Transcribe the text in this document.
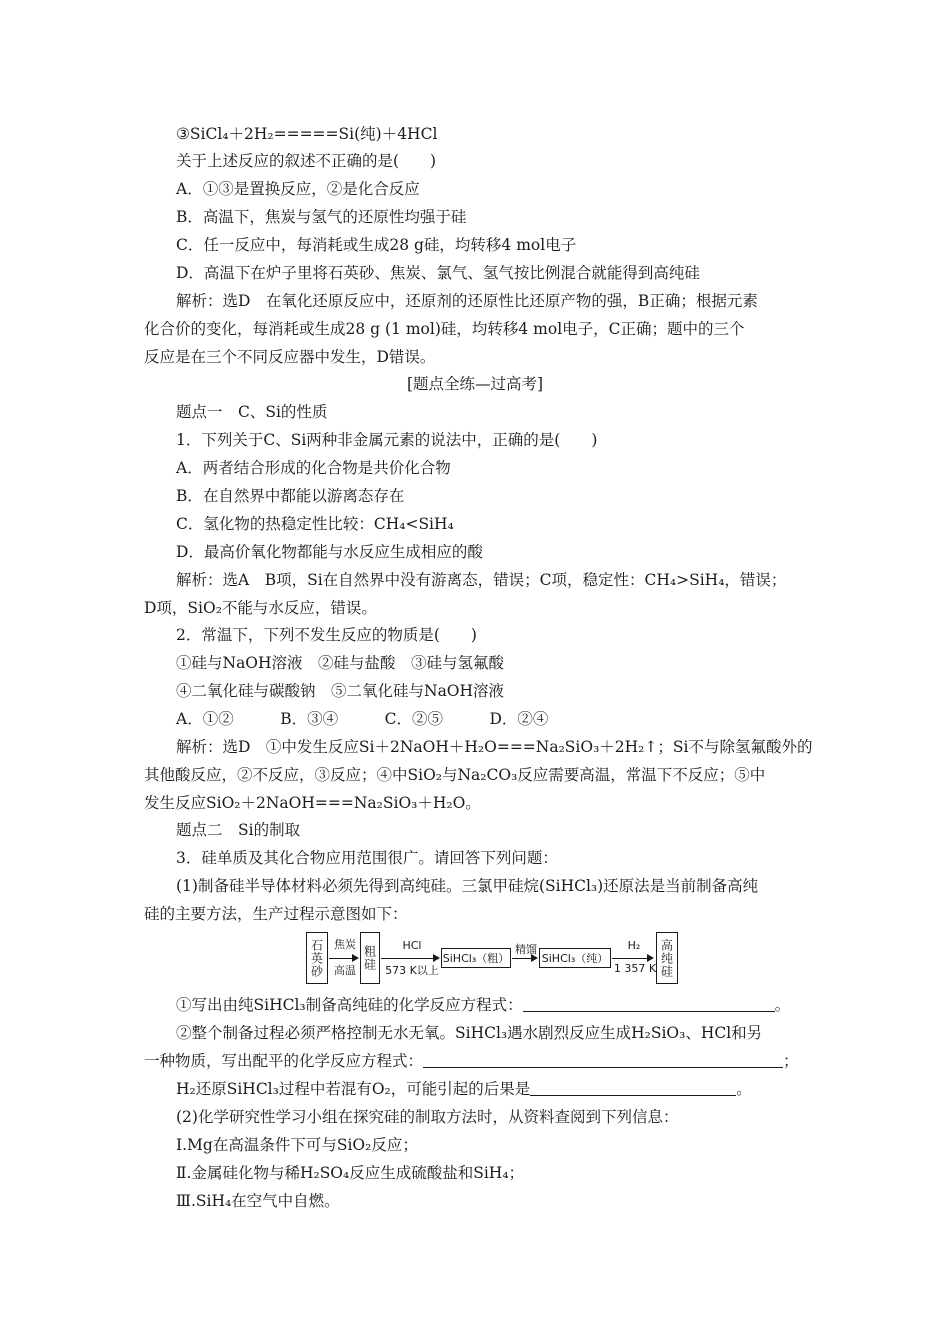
③SiCl₄＋2H₂=====Si(纯)＋4HCl
关于上述反应的叙述不正确的是(　　)
A．①③是置换反应，②是化合反应
B．高温下，焦炭与氢气的还原性均强于硅
C．任一反应中，每消耗或生成28 g硅，均转移4 mol电子
D．高温下在炉子里将石英砂、焦炭、氯气、氢气按比例混合就能得到高纯硅
解析：选D　在氧化还原反应中，还原剂的还原性比还原产物的强，B正确；根据元素
化合价的变化，每消耗或生成28 g (1 mol)硅，均转移4 mol电子，C正确；题中的三个
反应是在三个不同反应器中发生，D错误。
[题点全练—过高考]
题点一　C、Si的性质
1．下列关于C、Si两种非金属元素的说法中，正确的是(　　)
A．两者结合形成的化合物是共价化合物
B．在自然界中都能以游离态存在
C．氢化物的热稳定性比较：CH₄<SiH₄
D．最高价氧化物都能与水反应生成相应的酸
解析：选A　B项，Si在自然界中没有游离态，错误；C项，稳定性：CH₄>SiH₄，错误；
D项，SiO₂不能与水反应，错误。
2．常温下，下列不发生反应的物质是(　　)
①硅与NaOH溶液　②硅与盐酸　③硅与氢氟酸
④二氧化硅与碳酸钠　⑤二氧化硅与NaOH溶液
A．①②　　　B．③④　　　C．②⑤　　　D．②④
解析：选D　①中发生反应Si＋2NaOH＋H₂O===Na₂SiO₃＋2H₂↑；Si不与除氢氟酸外的
其他酸反应，②不反应，③反应；④中SiO₂与Na₂CO₃反应需要高温，常温下不反应；⑤中
发生反应SiO₂＋2NaOH===Na₂SiO₃＋H₂O。
题点二　Si的制取
3．硅单质及其化合物应用范围很广。请回答下列问题：
(1)制备硅半导体材料必须先得到高纯硅。三氯甲硅烷(SiHCl₃)还原法是当前制备高纯
硅的主要方法，生产过程示意图如下：
石英砂 焦炭
高温 粗硅	HCl
573 K以上
SiHCl₃（粗）
精馏
SiHCl₃（纯）
H₂
1 357 K 高纯硅
①写出由纯SiHCl₃制备高纯硅的化学反应方程式：	。
②整个制备过程必须严格控制无水无氧。SiHCl₃遇水剧烈反应生成H₂SiO₃、HCl和另
一种物质，写出配平的化学反应方程式：	；
H₂还原SiHCl₃过程中若混有O₂，可能引起的后果是	。
(2)化学研究性学习小组在探究硅的制取方法时，从资料查阅到下列信息：
Ⅰ.Mg在高温条件下可与SiO₂反应；
Ⅱ.金属硅化物与稀H₂SO₄反应生成硫酸盐和SiH₄；
Ⅲ.SiH₄在空气中自燃。
